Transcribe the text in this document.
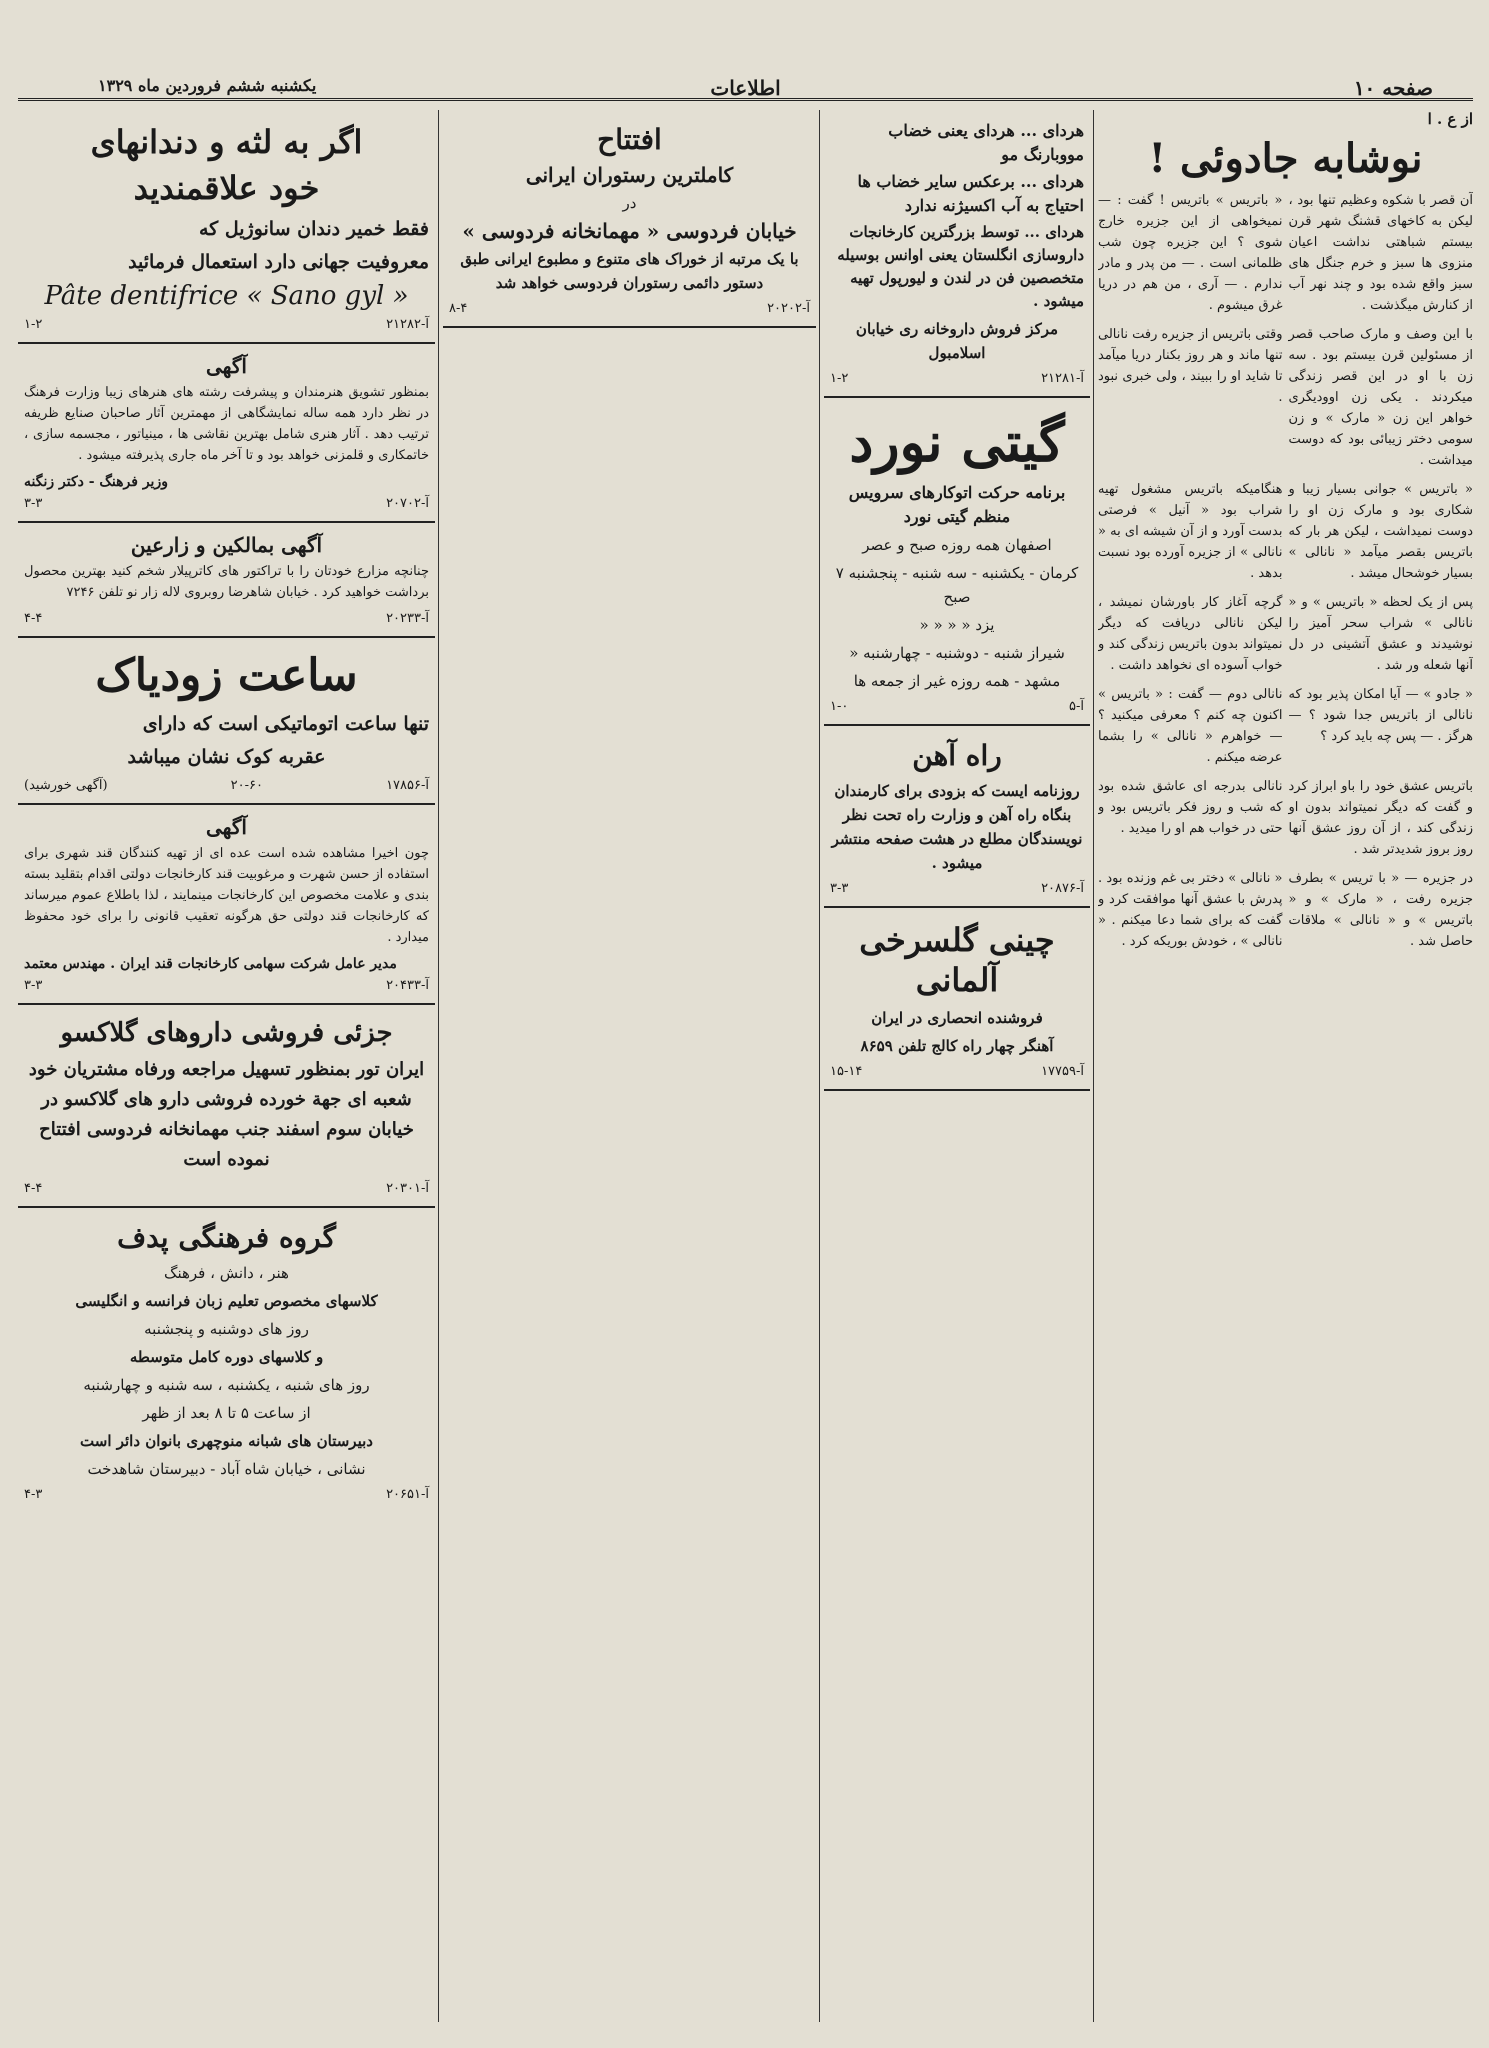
صفحه ۱۰
اطلاعات
یکشنبه ششم فروردین ماه ۱۳۲۹
از ع . ا
نوشابه جادوئی !
آن قصر با شکوه وعظیم تنها بود ، لیکن به کاخهای قشنگ شهر قرن بیستم شباهتی نداشت اعیان منزوی ها سبز و خرم جنگل های سبز واقع شده بود و چند نهر آب از کنارش میگذشت .
« باتریس » باتریس ! گفت : — نمیخواهی از این جزیره خارج شوی ؟ این جزیره چون شب ظلمانی است . — من پدر و مادر ندارم . — آری ، من هم در دریا غرق میشوم .
با این وصف و مارک صاحب قصر از مسئولین قرن بیستم بود . سه زن با او در این قصر زندگی میکردند . یکی زن اوودیگری خواهر این زن « مارک » و زن سومی دختر زیبائی بود که دوست میداشت .
وقتی باتریس از جزیره رفت نانالی تنها ماند و هر روز بکنار دریا میآمد تا شاید او را ببیند ، ولی خبری نبود .
« باتریس » جوانی بسیار زیبا و شکاری بود و مارک زن او را دوست نمیداشت ، لیکن هر بار که باتریس بقصر میآمد « نانالی » بسیار خوشحال میشد .
هنگامیکه باتریس مشغول تهیه شراب بود « آنیل » فرصتی بدست آورد و از آن شیشه ای به « نانالی » از جزیره آورده بود نسبت بدهد .
پس از یک لحظه « باتریس » و « نانالی » شراب سحر آمیز را نوشیدند و عشق آتشینی در دل آنها شعله ور شد .
گرچه آغاز کار باورشان نمیشد ، لیکن نانالی دریافت که دیگر نمیتواند بدون باتریس زندگی کند و خواب آسوده ای نخواهد داشت .
« جادو » — آیا امکان پذیر بود که نانالی از باتریس جدا شود ؟ — هرگز . — پس چه باید کرد ؟
نانالی دوم — گفت : « باتریس » اکنون چه کنم ؟ معرفی میکنید ؟ — خواهرم « نانالی » را بشما عرضه میکنم .
باتریس عشق خود را باو ابراز کرد و گفت که دیگر نمیتواند بدون او زندگی کند ، از آن روز عشق آنها روز بروز شدیدتر شد .
نانالی بدرجه ای عاشق شده بود که شب و روز فکر باتریس بود و حتی در خواب هم او را میدید .
در جزیره — « با تریس » بطرف جزیره رفت ، « مارک » و « باتریس » و « نانالی » ملاقات حاصل شد .
« نانالی » دختر بی غم وزنده بود . پدرش با عشق آنها موافقت کرد و گفت که برای شما دعا میکنم . « نانالی » ، خودش بوریکه کرد .
هردای ... هردای یعنی خضاب مووبارنگ مو
هردای ... برعکس سایر خضاب ها احتیاج به آب اکسیژنه ندارد
هردای ... توسط بزرگترین کارخانجات داروسازی انگلستان یعنی اوانس بوسیله متخصصین فن در لندن و لیورپول تهیه میشود .
مرکز فروش داروخانه ری خیابان اسلامبول
آ-۲۱۲۸۱
۱-۲
گیتی نورد
برنامه حرکت اتوکارهای سرویس منظم گیتی نورد
اصفهان همه روزه صبح و عصر
کرمان - یکشنبه - سه شنبه - پنجشنبه ۷ صبح
یزد « « « «
شیراز شنبه - دوشنبه - چهارشنبه «
مشهد - همه روزه غیر از جمعه ها
آ-۵
۱-۰
راه آهن
روزنامه ایست که بزودی برای کارمندان بنگاه راه آهن و وزارت راه تحت نظر نویسندگان مطلع در هشت صفحه منتشر میشود .
آ-۲۰۸۷۶
۳-۳
چینی گلسرخی آلمانی
فروشنده انحصاری در ایران
آهنگر چهار راه کالج تلفن ۸۶۵۹
آ-۱۷۷۵۹
۱۵-۱۴
افتتاح
کاملترین رستوران ایرانی
در
خیابان فردوسی « مهمانخانه فردوسی »
با یک مرتبه از خوراک های متنوع و مطبوع ایرانی طبق دستور دائمی رستوران فردوسی خواهد شد
آ-۲۰۲۰۲
۸-۴
اگر به لثه و دندانهای
خود علاقمندید
فقط خمیر دندان سانوژیل که
معروفیت جهانی دارد استعمال فرمائید
Pâte dentifrice « Sano gyl »
آ-۲۱۲۸۲
۱-۲
آگهی
بمنظور تشویق هنرمندان و پیشرفت رشته های هنرهای زیبا وزارت فرهنگ در نظر دارد همه ساله نمایشگاهی از مهمترین آثار صاحبان صنایع ظریفه ترتیب دهد . آثار هنری شامل بهترین نقاشی ها ، مینیاتور ، مجسمه سازی ، خاتمکاری و قلمزنی خواهد بود و تا آخر ماه جاری پذیرفته میشود .
وزیر فرهنگ - دکتر زنگنه
آ-۲۰۷۰۲
۳-۳
آگهی بمالکین و زارعین
چنانچه مزارع خودتان را با تراکتور های کاترپیلار شخم کنید بهترین محصول برداشت خواهید کرد . خیابان شاهرضا روبروی لاله زار نو تلفن ۷۲۴۶
آ-۲۰۲۳۳
۴-۴
ساعت زودیاک
تنها ساعت اتوماتیکی است که دارای
عقربه کوک نشان میباشد
آ-۱۷۸۵۶
۲۰-۶۰
(آگهی خورشید)
آگهی
چون اخیرا مشاهده شده است عده ای از تهیه کنندگان قند شهری برای استفاده از حسن شهرت و مرغوبیت قند کارخانجات دولتی اقدام بتقلید بسته بندی و علامت مخصوص این کارخانجات مینمایند ، لذا باطلاع عموم میرساند که کارخانجات قند دولتی حق هرگونه تعقیب قانونی را برای خود محفوظ میدارد .
مدیر عامل شرکت سهامی کارخانجات قند ایران . مهندس معتمد
آ-۲۰۴۳۳
۳-۳
جزئی فروشی داروهای گلاکسو
ایران تور بمنظور تسهیل مراجعه ورفاه مشتریان خود شعبه ای جهة خورده فروشی دارو های گلاکسو در خیابان سوم اسفند جنب مهمانخانه فردوسی افتتاح نموده است
آ-۲۰۳۰۱
۴-۴
گروه فرهنگی پدف
هنر ، دانش ، فرهنگ
کلاسهای مخصوص تعلیم زبان فرانسه و انگلیسی
روز های دوشنبه و پنجشنبه
و کلاسهای دوره کامل متوسطه
روز های شنبه ، یکشنبه ، سه شنبه و چهارشنبه
از ساعت ۵ تا ۸ بعد از ظهر
دبیرستان های شبانه منوچهری بانوان دائر است
نشانی ، خیابان شاه آباد - دبیرستان شاهدخت
آ-۲۰۶۵۱
۴-۳
